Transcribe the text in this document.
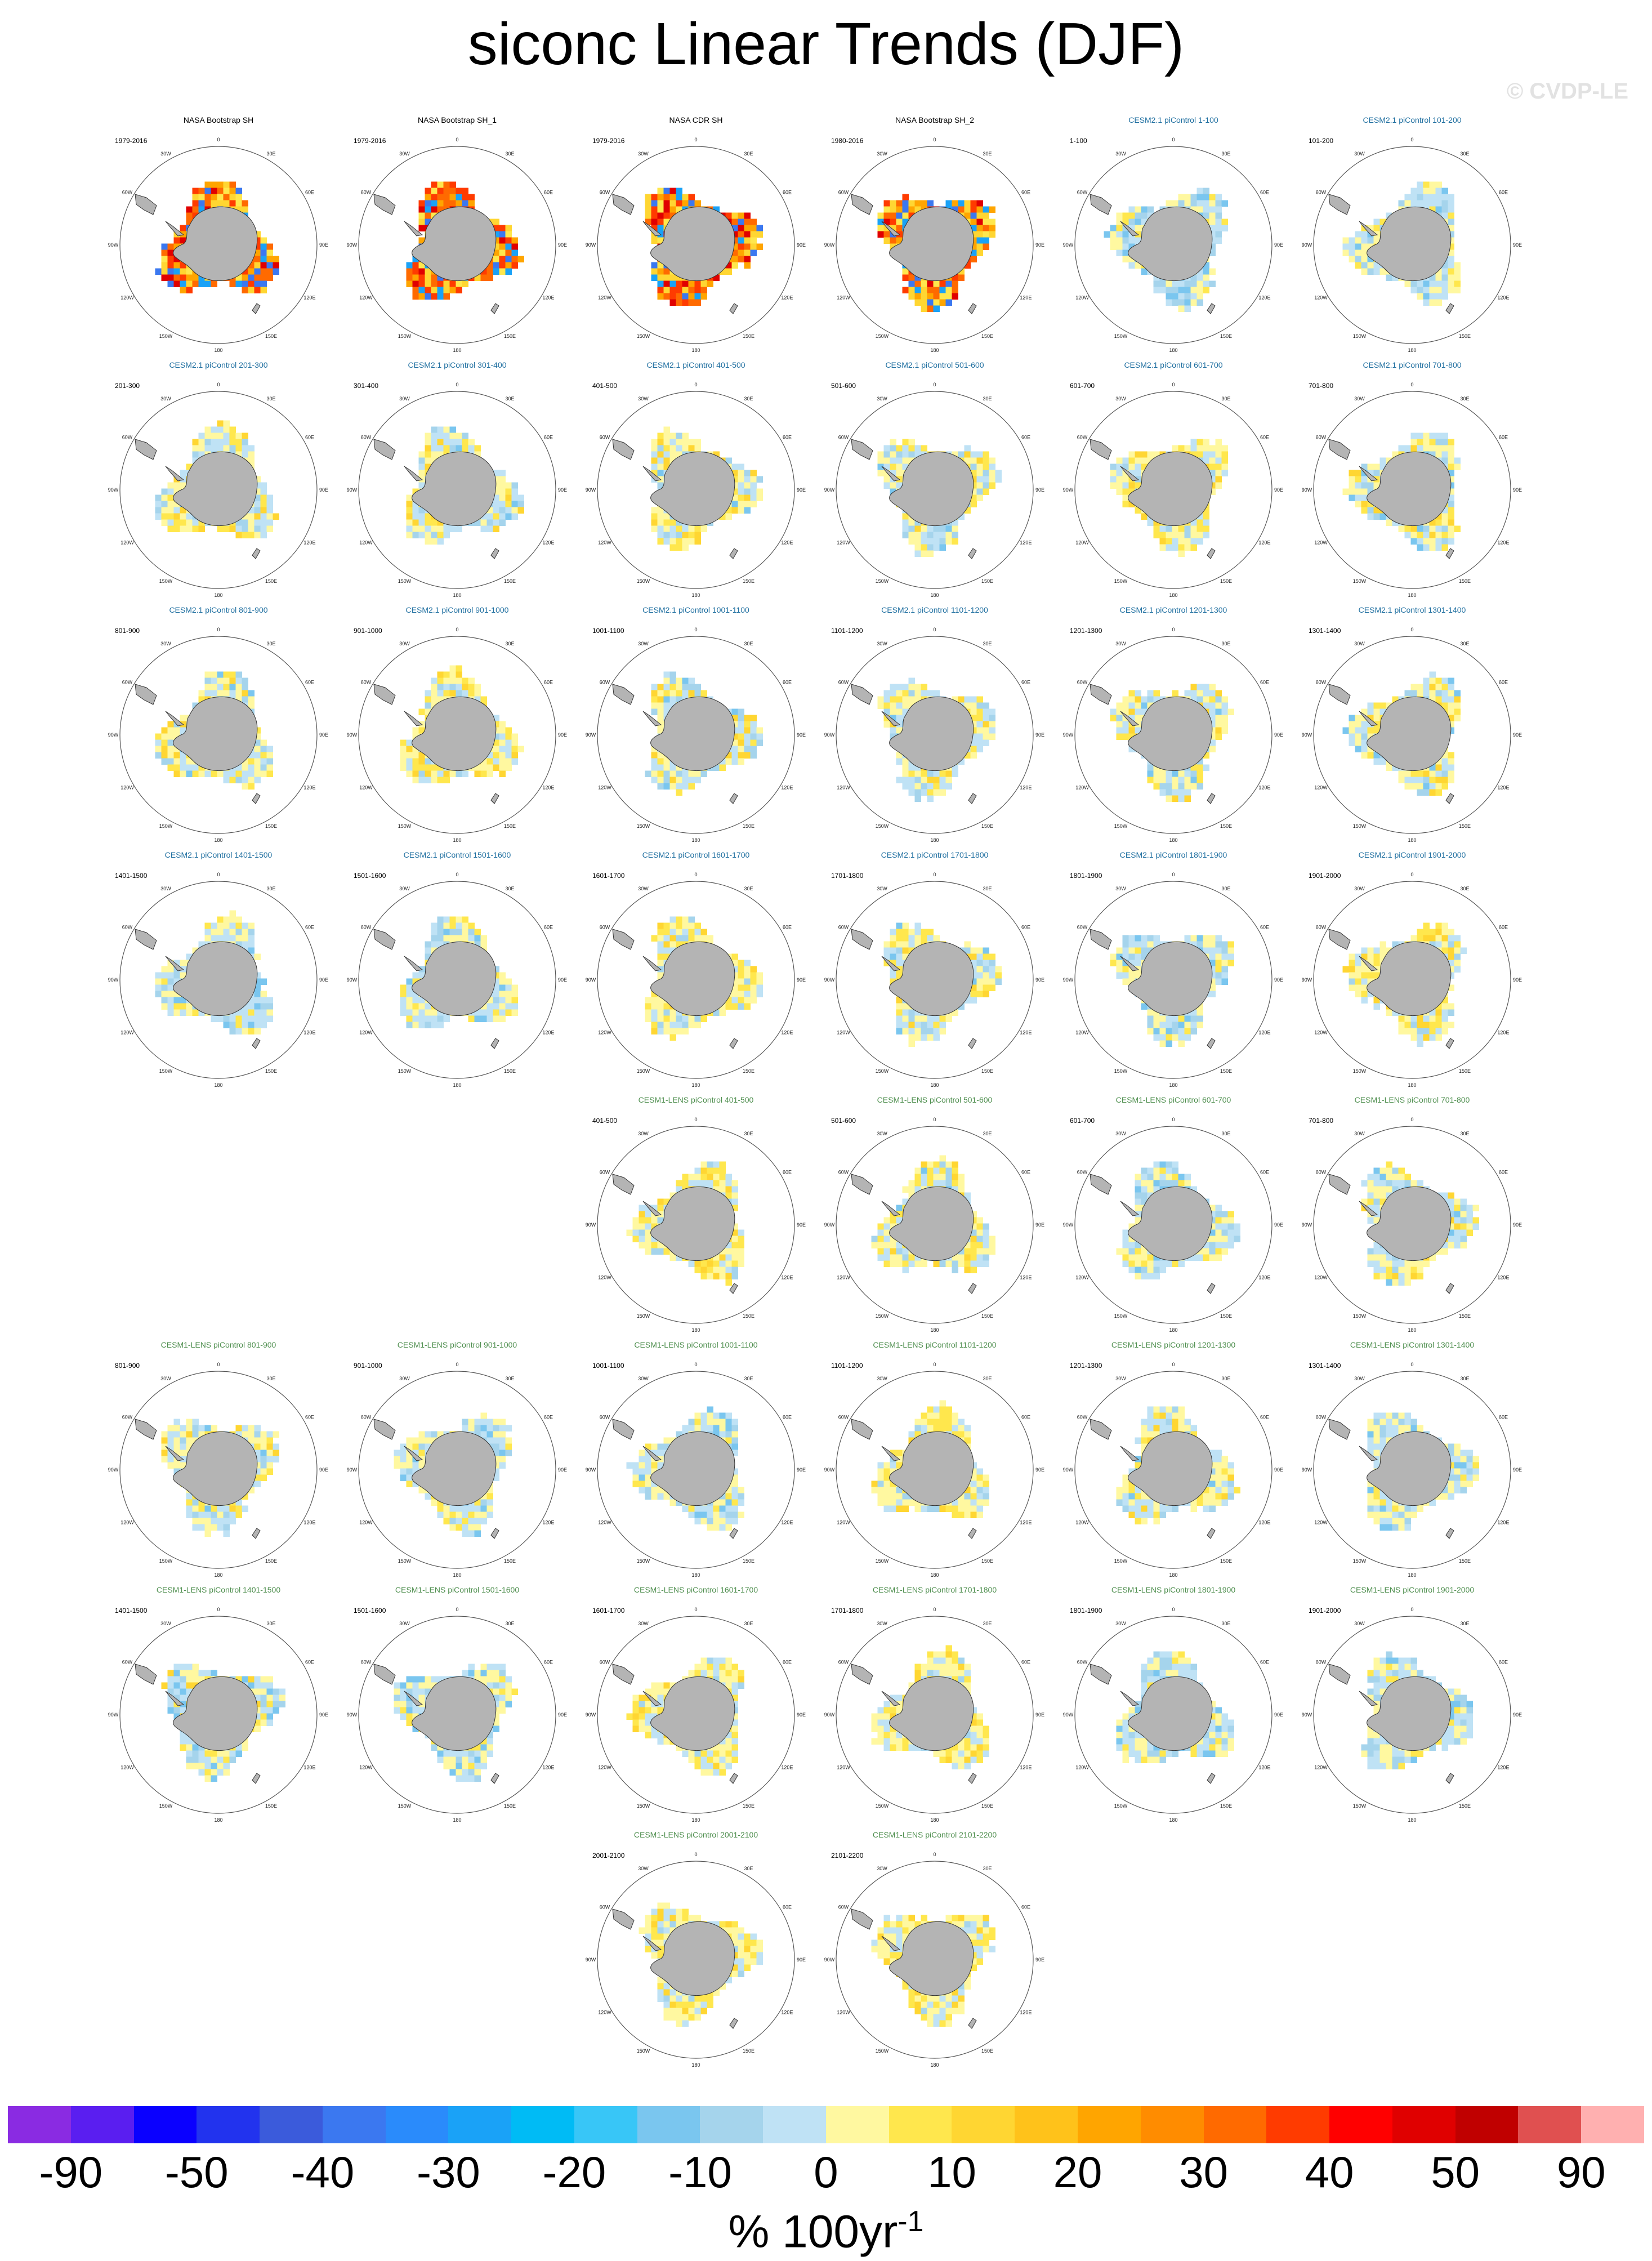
siconc Linear Trends (DJF)
© CVDP-LE
NASA Bootstrap SH
1979-2016	0
30E
60E
90E
120E
150E
180
150W
120W
90W
60W
30W
NASA Bootstrap SH_1
1979-2016	0
30E
60E
90E
120E
150E
180
150W
120W
90W
60W
30W
NASA CDR SH
1979-2016	0
30E
60E
90E
120E
150E
180
150W
120W
90W
60W
30W
NASA Bootstrap SH_2
1980-2016	0
30E
60E
90E
120E
150E
180
150W
120W
90W
60W
30W
CESM2.1 piControl 1-100
1-100	0
30E
60E
90E
120E
150E
180
150W
120W
90W
60W
30W
CESM2.1 piControl 101-200
101-200	0
30E
60E
90E
120E
150E
180
150W
120W
90W
60W
30W
CESM2.1 piControl 201-300
201-300	0
30E
60E
90E
120E
150E
180
150W
120W
90W
60W
30W
CESM2.1 piControl 301-400
301-400	0
30E
60E
90E
120E
150E
180
150W
120W
90W
60W
30W
CESM2.1 piControl 401-500
401-500	0
30E
60E
90E
120E
150E
180
150W
120W
90W
60W
30W
CESM2.1 piControl 501-600
501-600	0
30E
60E
90E
120E
150E
180
150W
120W
90W
60W
30W
CESM2.1 piControl 601-700
601-700	0
30E
60E
90E
120E
150E
180
150W
120W
90W
60W
30W
CESM2.1 piControl 701-800
701-800	0
30E
60E
90E
120E
150E
180
150W
120W
90W
60W
30W
CESM2.1 piControl 801-900
801-900	0
30E
60E
90E
120E
150E
180
150W
120W
90W
60W
30W
CESM2.1 piControl 901-1000
901-1000	0
30E
60E
90E
120E
150E
180
150W
120W
90W
60W
30W
CESM2.1 piControl 1001-1100
1001-1100	0
30E
60E
90E
120E
150E
180
150W
120W
90W
60W
30W
CESM2.1 piControl 1101-1200
1101-1200	0
30E
60E
90E
120E
150E
180
150W
120W
90W
60W
30W
CESM2.1 piControl 1201-1300
1201-1300	0
30E
60E
90E
120E
150E
180
150W
120W
90W
60W
30W
CESM2.1 piControl 1301-1400
1301-1400	0
30E
60E
90E
120E
150E
180
150W
120W
90W
60W
30W
CESM2.1 piControl 1401-1500
1401-1500	0
30E
60E
90E
120E
150E
180
150W
120W
90W
60W
30W
CESM2.1 piControl 1501-1600
1501-1600	0
30E
60E
90E
120E
150E
180
150W
120W
90W
60W
30W
CESM2.1 piControl 1601-1700
1601-1700	0
30E
60E
90E
120E
150E
180
150W
120W
90W
60W
30W
CESM2.1 piControl 1701-1800
1701-1800	0
30E
60E
90E
120E
150E
180
150W
120W
90W
60W
30W
CESM2.1 piControl 1801-1900
1801-1900	0
30E
60E
90E
120E
150E
180
150W
120W
90W
60W
30W
CESM2.1 piControl 1901-2000
1901-2000	0
30E
60E
90E
120E
150E
180
150W
120W
90W
60W
30W
CESM1-LENS piControl 401-500
401-500	0
30E
60E
90E
120E
150E
180
150W
120W
90W
60W
30W
CESM1-LENS piControl 501-600
501-600	0
30E
60E
90E
120E
150E
180
150W
120W
90W
60W
30W
CESM1-LENS piControl 601-700
601-700	0
30E
60E
90E
120E
150E
180
150W
120W
90W
60W
30W
CESM1-LENS piControl 701-800
701-800	0
30E
60E
90E
120E
150E
180
150W
120W
90W
60W
30W
CESM1-LENS piControl 801-900
801-900	0
30E
60E
90E
120E
150E
180
150W
120W
90W
60W
30W
CESM1-LENS piControl 901-1000
901-1000	0
30E
60E
90E
120E
150E
180
150W
120W
90W
60W
30W
CESM1-LENS piControl 1001-1100
1001-1100	0
30E
60E
90E
120E
150E
180
150W
120W
90W
60W
30W
CESM1-LENS piControl 1101-1200
1101-1200	0
30E
60E
90E
120E
150E
180
150W
120W
90W
60W
30W
CESM1-LENS piControl 1201-1300
1201-1300	0
30E
60E
90E
120E
150E
180
150W
120W
90W
60W
30W
CESM1-LENS piControl 1301-1400
1301-1400	0
30E
60E
90E
120E
150E
180
150W
120W
90W
60W
30W
CESM1-LENS piControl 1401-1500
1401-1500	0
30E
60E
90E
120E
150E
180
150W
120W
90W
60W
30W
CESM1-LENS piControl 1501-1600
1501-1600	0
30E
60E
90E
120E
150E
180
150W
120W
90W
60W
30W
CESM1-LENS piControl 1601-1700
1601-1700	0
30E
60E
90E
120E
150E
180
150W
120W
90W
60W
30W
CESM1-LENS piControl 1701-1800
1701-1800	0
30E
60E
90E
120E
150E
180
150W
120W
90W
60W
30W
CESM1-LENS piControl 1801-1900
1801-1900	0
30E
60E
90E
120E
150E
180
150W
120W
90W
60W
30W
CESM1-LENS piControl 1901-2000
1901-2000	0
30E
60E
90E
120E
150E
180
150W
120W
90W
60W
30W
CESM1-LENS piControl 2001-2100
2001-2100	0
30E
60E
90E
120E
150E
180
150W
120W
90W
60W
30W
CESM1-LENS piControl 2101-2200
2101-2200	0
30E
60E
90E
120E
150E
180
150W
120W
90W
60W
30W
-90 -50 -40 -30 -20 -10 0 10 20 30 40 50 90
% $100yr^{-1}$
